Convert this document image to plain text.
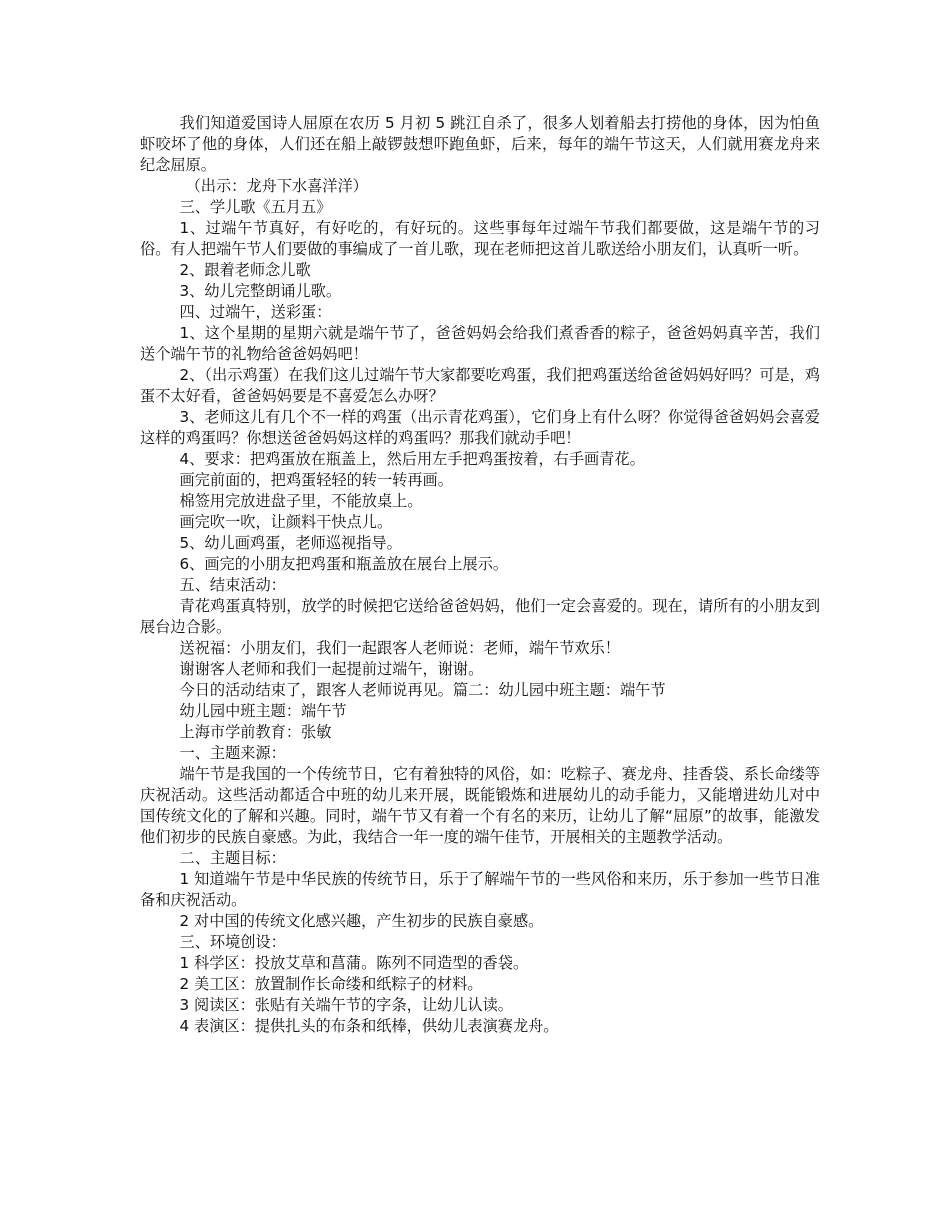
我们知道爱国诗人屈原在农历 5 月初 5 跳江自杀了，很多人划着船去打捞他的身体，因为怕鱼虾咬坏了他的身体，人们还在船上敲锣鼓想吓跑鱼虾，后来，每年的端午节这天，人们就用赛龙舟来纪念屈原。

（出示：龙舟下水喜洋洋）

三、学儿歌《五月五》

1、过端午节真好，有好吃的，有好玩的。这些事每年过端午节我们都要做，这是端午节的习俗。有人把端午节人们要做的事编成了一首儿歌，现在老师把这首儿歌送给小朋友们，认真听一听。

2、跟着老师念儿歌

3、幼儿完整朗诵儿歌。

四、过端午，送彩蛋：

1、这个星期的星期六就是端午节了，爸爸妈妈会给我们煮香香的粽子，爸爸妈妈真辛苦，我们送个端午节的礼物给爸爸妈妈吧！

2、（出示鸡蛋）在我们这儿过端午节大家都要吃鸡蛋，我们把鸡蛋送给爸爸妈妈好吗？可是，鸡蛋不太好看，爸爸妈妈要是不喜爱怎么办呀？

3、老师这儿有几个不一样的鸡蛋（出示青花鸡蛋），它们身上有什么呀？你觉得爸爸妈妈会喜爱这样的鸡蛋吗？你想送爸爸妈妈这样的鸡蛋吗？那我们就动手吧！

4、要求：把鸡蛋放在瓶盖上，然后用左手把鸡蛋按着，右手画青花。

画完前面的，把鸡蛋轻轻的转一转再画。

棉签用完放进盘子里，不能放桌上。

画完吹一吹，让颜料干快点儿。

5、幼儿画鸡蛋，老师巡视指导。

6、画完的小朋友把鸡蛋和瓶盖放在展台上展示。

五、结束活动：

青花鸡蛋真特别，放学的时候把它送给爸爸妈妈，他们一定会喜爱的。现在，请所有的小朋友到展台边合影。

送祝福：小朋友们，我们一起跟客人老师说：老师，端午节欢乐！

谢谢客人老师和我们一起提前过端午，谢谢。

今日的活动结束了，跟客人老师说再见。篇二：幼儿园中班主题：端午节

幼儿园中班主题：端午节

上海市学前教育：张敏

一、主题来源：

端午节是我国的一个传统节日，它有着独特的风俗，如：吃粽子、赛龙舟、挂香袋、系长命缕等庆祝活动。这些活动都适合中班的幼儿来开展，既能锻炼和进展幼儿的动手能力，又能增进幼儿对中国传统文化的了解和兴趣。同时，端午节又有着一个有名的来历，让幼儿了解“屈原”的故事，能激发他们初步的民族自豪感。为此，我结合一年一度的端午佳节，开展相关的主题教学活动。

二、主题目标：

1 知道端午节是中华民族的传统节日，乐于了解端午节的一些风俗和来历，乐于参加一些节日准备和庆祝活动。

2 对中国的传统文化感兴趣，产生初步的民族自豪感。

三、环境创设：

1 科学区：投放艾草和菖蒲。陈列不同造型的香袋。

2 美工区：放置制作长命缕和纸粽子的材料。

3 阅读区：张贴有关端午节的字条，让幼儿认读。

4 表演区：提供扎头的布条和纸棒，供幼儿表演赛龙舟。
